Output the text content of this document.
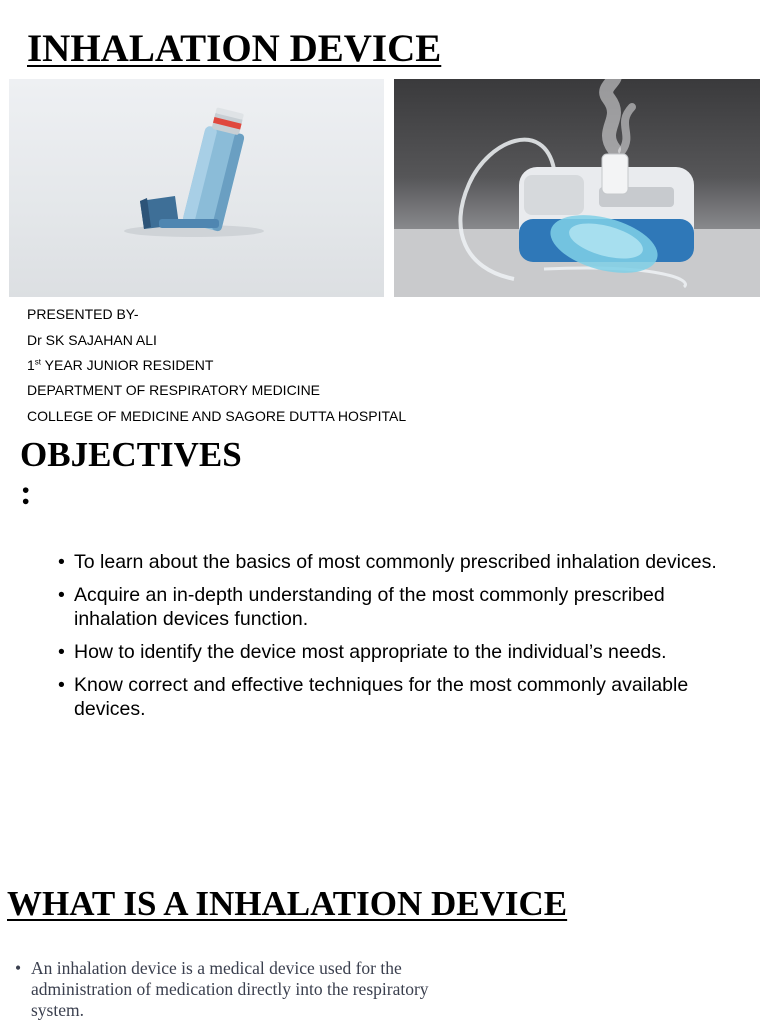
INHALATION DEVICE
PRESENTED BY-
Dr SK SAJAHAN ALI
1st YEAR JUNIOR RESIDENT
DEPARTMENT OF RESPIRATORY MEDICINE
COLLEGE OF MEDICINE AND SAGORE DUTTA HOSPITAL
OBJECTIVES :
• To learn about the basics of most commonly prescribed inhalation devices.
• Acquire an in-depth understanding of the most commonly prescribed inhalation devices function.
• How to identify the device most appropriate to the individual’s needs.
• Know correct and effective techniques for the most commonly available devices.
WHAT IS A INHALATION DEVICE
• An inhalation device is a medical device used for the administration of medication directly into the respiratory system.
